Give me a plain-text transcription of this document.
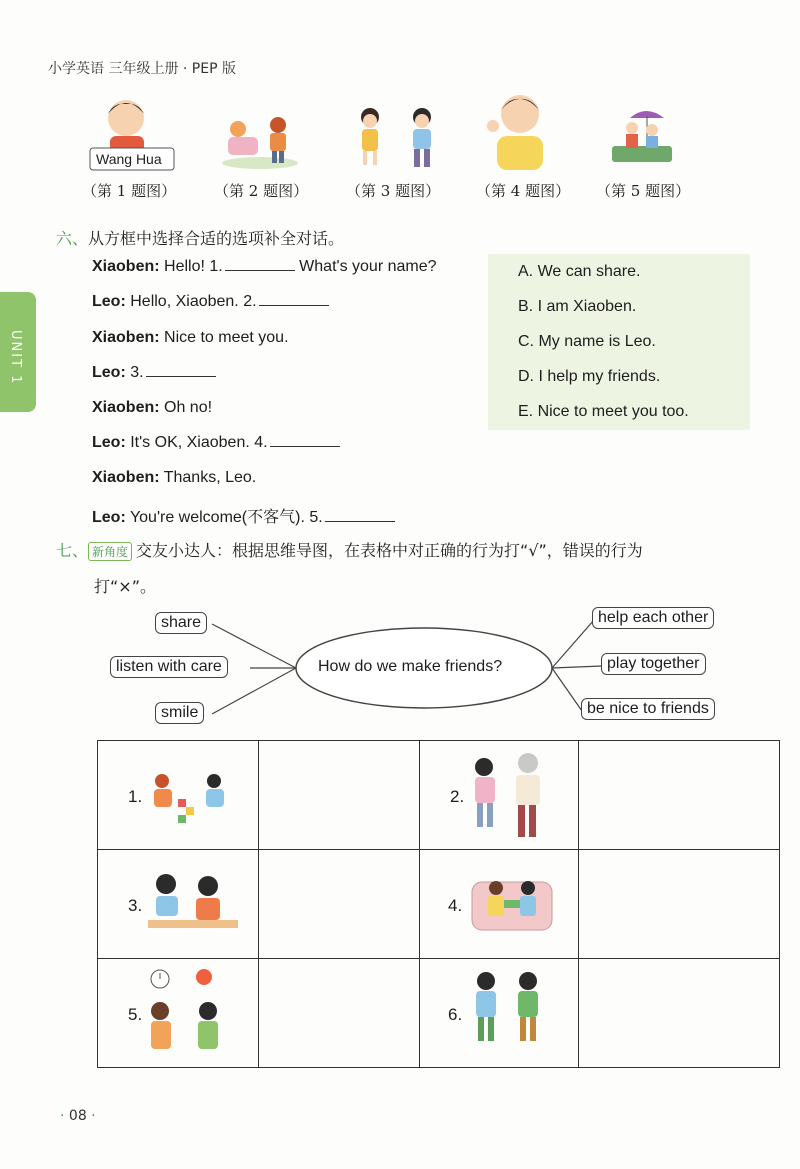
小学英语 三年级上册 · PEP 版
UNIT 1
Wang Hua
（第 1 题图）	（第 2 题图）	（第 3 题图） （第 4 题图） （第 5 题图）
六、从方框中选择合适的选项补全对话。
Xiaoben: Hello! 1.	What's your name?
Leo: Hello, Xiaoben. 2.
Xiaoben: Nice to meet you.
Leo: 3.
Xiaoben: Oh no!
Leo: It's OK, Xiaoben. 4.
Xiaoben: Thanks, Leo.
Leo: You're welcome(不客气). 5.
A. We can share.
B. I am Xiaoben.
C. My name is Leo.
D. I help my friends.
E. Nice to meet you too.
七、 新角度 交友小达人：根据思维导图，在表格中对正确的行为打“√”，错误的行为
打“×”。
How do we make friends?
share
listen with care
smile
help each other
play together
be nice to friends
1.		2.	

3.		4.	

5.		6.	

· 08 ·
